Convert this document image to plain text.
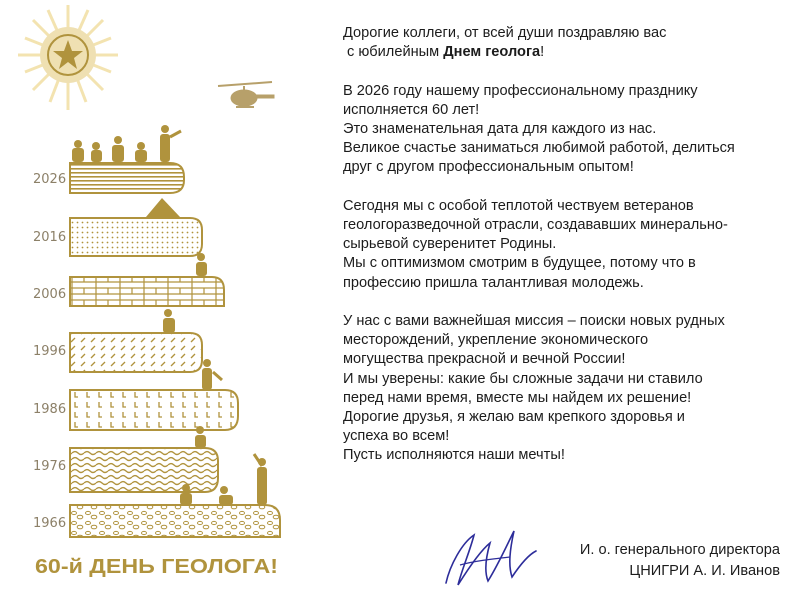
2026
2016
2006
1996
1986
1976
1966
60-й ДЕНЬ ГЕОЛОГА!

Дорогие коллеги, от всей души поздравляю вас
с юбилейным Днем геолога!

В 2026 году нашему профессиональному празднику
исполняется 60 лет!
Это знаменательная дата для каждого из нас.
Великое счастье заниматься любимой работой, делиться
друг с другом профессиональным опытом!

Сегодня мы с особой теплотой чествуем ветеранов
геологоразведочной отрасли, создававших минерально-
сырьевой суверенитет Родины.
Мы с оптимизмом смотрим в будущее, потому что в
профессию пришла талантливая молодежь.

У нас с вами важнейшая миссия – поиски новых рудных
месторождений, укрепление экономического
могущества прекрасной и вечной России!
И мы уверены: какие бы сложные задачи ни ставило
перед нами время, вместе мы найдем их решение!
Дорогие друзья, я желаю вам крепкого здоровья и
успеха во всем!
Пусть исполняются наши мечты!

И. о. генерального директора
ЦНИГРИ А. И. Иванов
